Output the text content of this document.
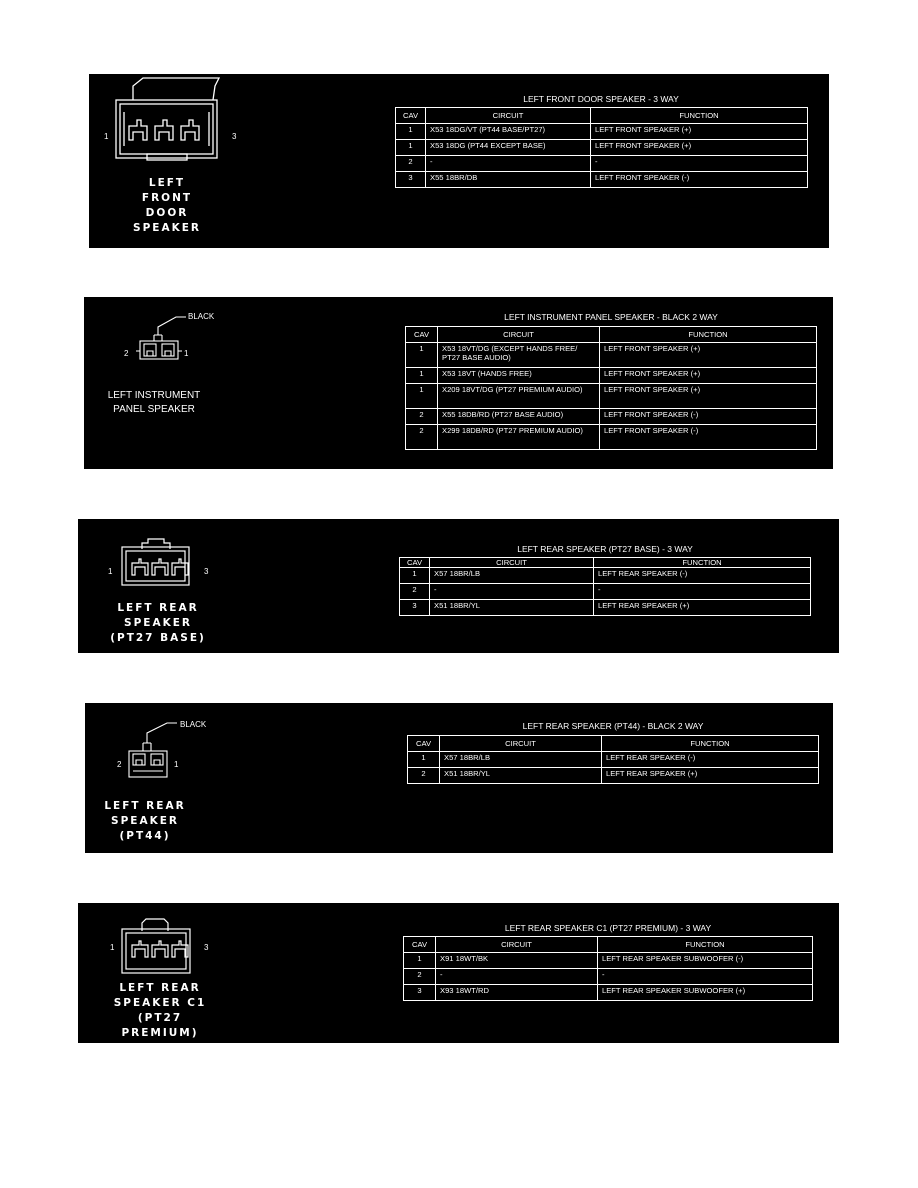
1	3
LEFT
FRONT
DOOR
SPEAKER
LEFT FRONT DOOR SPEAKER - 3 WAY
CAV	CIRCUIT	FUNCTION
1	X53 18DG/VT (PT44 BASE/PT27)	LEFT FRONT SPEAKER (+)
1	X53 18DG (PT44 EXCEPT BASE)	LEFT FRONT SPEAKER (+)
2	-	-
3	X55 18BR/DB	LEFT FRONT SPEAKER (-)
BLACK
2	1
LEFT INSTRUMENT
PANEL SPEAKER
LEFT INSTRUMENT PANEL SPEAKER - BLACK 2 WAY
CAV	CIRCUIT	FUNCTION
1	X53 18VT/DG (EXCEPT HANDS FREE/ PT27 BASE AUDIO)	LEFT FRONT SPEAKER (+)
1	X53 18VT (HANDS FREE)	LEFT FRONT SPEAKER (+)
1	X209 18VT/DG (PT27 PREMIUM AUDIO)	LEFT FRONT SPEAKER (+)
2	X55 18DB/RD (PT27 BASE AUDIO)	LEFT FRONT SPEAKER (-)
2	X299 18DB/RD (PT27 PREMIUM AUDIO)	LEFT FRONT SPEAKER (-)
1	3
LEFT REAR
SPEAKER
(PT27 BASE)
LEFT REAR SPEAKER (PT27 BASE) - 3 WAY
CAV	CIRCUIT	FUNCTION
1	X57 18BR/LB	LEFT REAR SPEAKER (-)
2	-	-
3	X51 18BR/YL	LEFT REAR SPEAKER (+)
BLACK
2	1
LEFT REAR
SPEAKER
(PT44)
LEFT REAR SPEAKER (PT44) - BLACK 2 WAY
CAV	CIRCUIT	FUNCTION
1	X57 18BR/LB	LEFT REAR SPEAKER (-)
2	X51 18BR/YL	LEFT REAR SPEAKER (+)
1	3
LEFT REAR
SPEAKER C1
(PT27 PREMIUM)
LEFT REAR SPEAKER C1 (PT27 PREMIUM) - 3 WAY
CAV	CIRCUIT	FUNCTION
1	X91 18WT/BK	LEFT REAR SPEAKER SUBWOOFER (-)
2	-	-
3	X93 18WT/RD	LEFT REAR SPEAKER SUBWOOFER (+)
